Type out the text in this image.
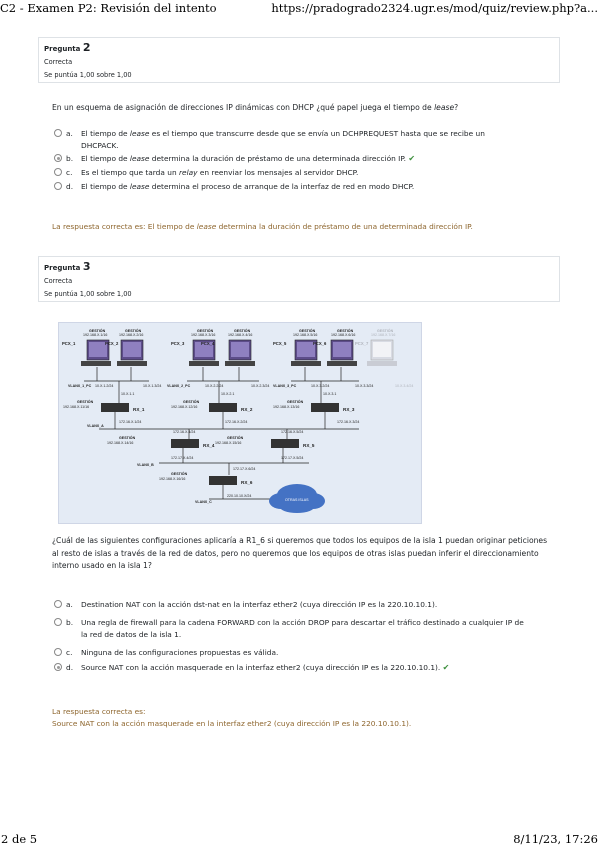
C2 - Examen P2: Revisión del intento	https://pradogrado2324.ugr.es/mod/quiz/review.php?a...
Pregunta 2
Correcta
Se puntúa 1,00 sobre 1,00
En un esquema de asignación de direcciones IP dinámicas con DHCP ¿qué papel juega el tiempo de lease?
a. El tiempo de lease es el tiempo que transcurre desde que se envía un DCHPREQUEST hasta que se recibe un
DHCPACK.
b. El tiempo de lease determina la duración de préstamo de una determinada dirección IP. ✔
c. Es el tiempo que tarda un relay en reenviar los mensajes al servidor DHCP.
d. El tiempo de lease determina el proceso de arranque de la interfaz de red en modo DHCP.
La respuesta correcta es: El tiempo de lease determina la duración de préstamo de una determinada dirección IP.
Pregunta 3
Correcta
Se puntúa 1,00 sobre 1,00
GESTIÓN
192.168.X.1/16
PCX_1
GESTIÓN
192.168.X.2/16
PCX_2
GESTIÓN
192.168.X.3/16
PCX_3
GESTIÓN
192.168.X.4/16
PCX_4
GESTIÓN
192.168.X.5/16
PCX_5
GESTIÓN
192.168.X.6/16
PCX_6
GESTIÓN
192.168.X.7/16
PCX_7
VLANX_1_PC	VLANX_2_PC	VLANX_3_PC
10.X.1.2/24	10.X.1.3/24	10.X.2.2/24	10.X.2.3/24	10.X.3.2/24	10.X.3.3/24	10.X.3.4/24
10.X.1.1	10.X.2.1	10.X.3.1
GESTIÓN
192.168.X.11/16	RX_1
172.16.X.1/24
GESTIÓN
192.168.X.12/16	RX_2
172.16.X.2/24
GESTIÓN
192.168.X.13/16	RX_3
172.16.X.3/24
VLANX_A
172.16.X.4/24	172.16.X.5/24
GESTIÓN
192.168.X.14/16	RX_4
172.17.X.4/24
GESTIÓN
192.168.X.15/16	RX_5
172.17.X.5/24
VLANX_B
GESTIÓN
192.168.X.16/16
172.17.X.6/24
RX_6
VLANX_C
220.10.10.X/24
OTRAS ISLAS
¿Cuál de las siguientes configuraciones aplicaría a R1_6 si queremos que todos los equipos de la isla 1 puedan originar peticiones al resto de islas a través de la red de datos, pero no queremos que los equipos de otras islas puedan inferir el direccionamiento interno usado en la isla 1?
a. Destination NAT con la acción dst-nat en la interfaz ether2 (cuya dirección IP es la 220.10.10.1).
b. Una regla de firewall para la cadena FORWARD con la acción DROP para descartar el tráfico destinado a cualquier IP de
la red de datos de la isla 1.
c. Ninguna de las configuraciones propuestas es válida.
d. Source NAT con la acción masquerade en la interfaz ether2 (cuya dirección IP es la 220.10.10.1). ✔
La respuesta correcta es:
Source NAT con la acción masquerade en la interfaz ether2 (cuya dirección IP es la 220.10.10.1).
2 de 5	8/11/23, 17:26
